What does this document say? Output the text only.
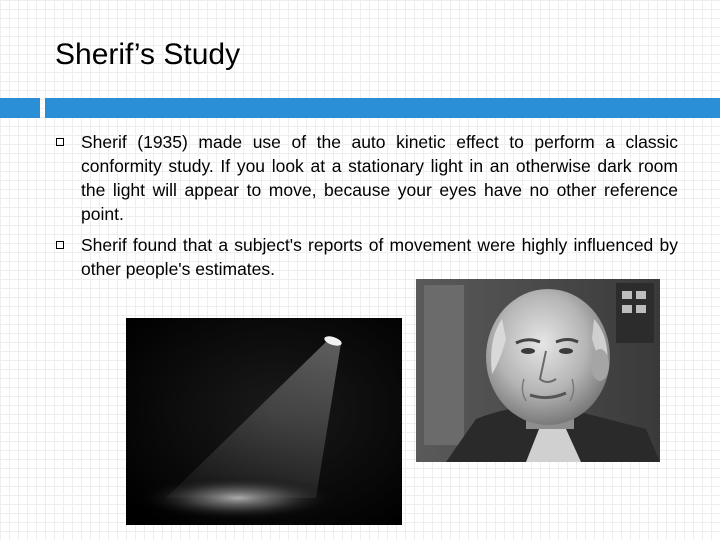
Sherif’s Study
Sherif (1935) made use of the auto kinetic effect to perform a classic conformity study. If you look at a stationary light in an otherwise dark room the light will appear to move, because your eyes have no other reference point.
Sherif found that a subject's reports of movement were highly influenced by other people's estimates.
